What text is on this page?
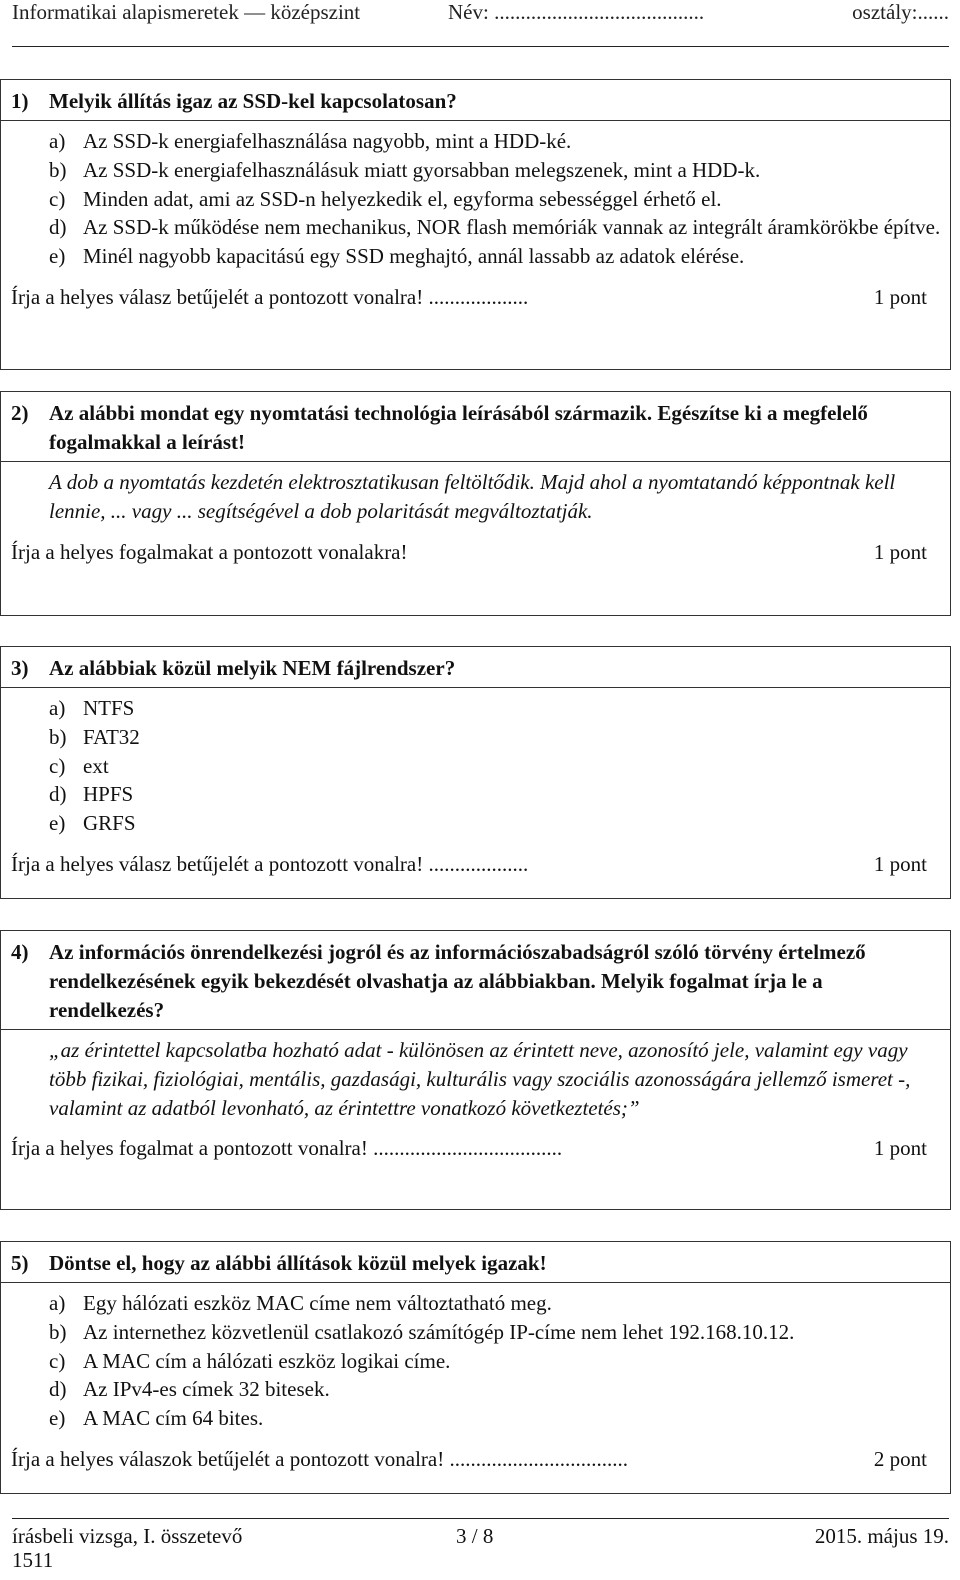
Informatikai alapismeretek — középszint	Név: ........................................	osztály:......
1) Melyik állítás igaz az SSD-kel kapcsolatosan?
a) Az SSD-k energiafelhasználása nagyobb, mint a HDD-ké.
b) Az SSD-k energiafelhasználásuk miatt gyorsabban melegszenek, mint a HDD-k.
c) Minden adat, ami az SSD-n helyezkedik el, egyforma sebességgel érhető el.
d) Az SSD-k működése nem mechanikus, NOR flash memóriák vannak az integrált áramkörökbe építve.
e) Minél nagyobb kapacitású egy SSD meghajtó, annál lassabb az adatok elérése.
Írja a helyes válasz betűjelét a pontozott vonalra! ...................	1 pont
2) Az alábbi mondat egy nyomtatási technológia leírásából származik. Egészítse ki a megfelelő fogalmakkal a leírást!
A dob a nyomtatás kezdetén elektrosztatikusan feltöltődik. Majd ahol a nyomtatandó képpontnak kell lennie, ... vagy ... segítségével a dob polaritását megváltoztatják.
Írja a helyes fogalmakat a pontozott vonalakra!	1 pont
3) Az alábbiak közül melyik NEM fájlrendszer?
a) NTFS
b) FAT32
c) ext
d) HPFS
e) GRFS
Írja a helyes válasz betűjelét a pontozott vonalra! ...................	1 pont
4) Az információs önrendelkezési jogról és az információszabadságról szóló törvény értelmező rendelkezésének egyik bekezdését olvashatja az alábbiakban. Melyik fogalmat írja le a rendelkezés?
„az érintettel kapcsolatba hozható adat - különösen az érintett neve, azonosító jele, valamint egy vagy több fizikai, fiziológiai, mentális, gazdasági, kulturális vagy szociális azonosságára jellemző ismeret -, valamint az adatból levonható, az érintettre vonatkozó következtetés;”
Írja a helyes fogalmat a pontozott vonalra! ....................................	1 pont
5) Döntse el, hogy az alábbi állítások közül melyek igazak!
a) Egy hálózati eszköz MAC címe nem változtatható meg.
b) Az internethez közvetlenül csatlakozó számítógép IP-címe nem lehet 192.168.10.12.
c) A MAC cím a hálózati eszköz logikai címe.
d) Az IPv4-es címek 32 bitesek.
e) A MAC cím 64 bites.
Írja a helyes válaszok betűjelét a pontozott vonalra! ..................................	2 pont
írásbeli vizsga, I. összetevő
1511
3 / 8	2015. május 19.
